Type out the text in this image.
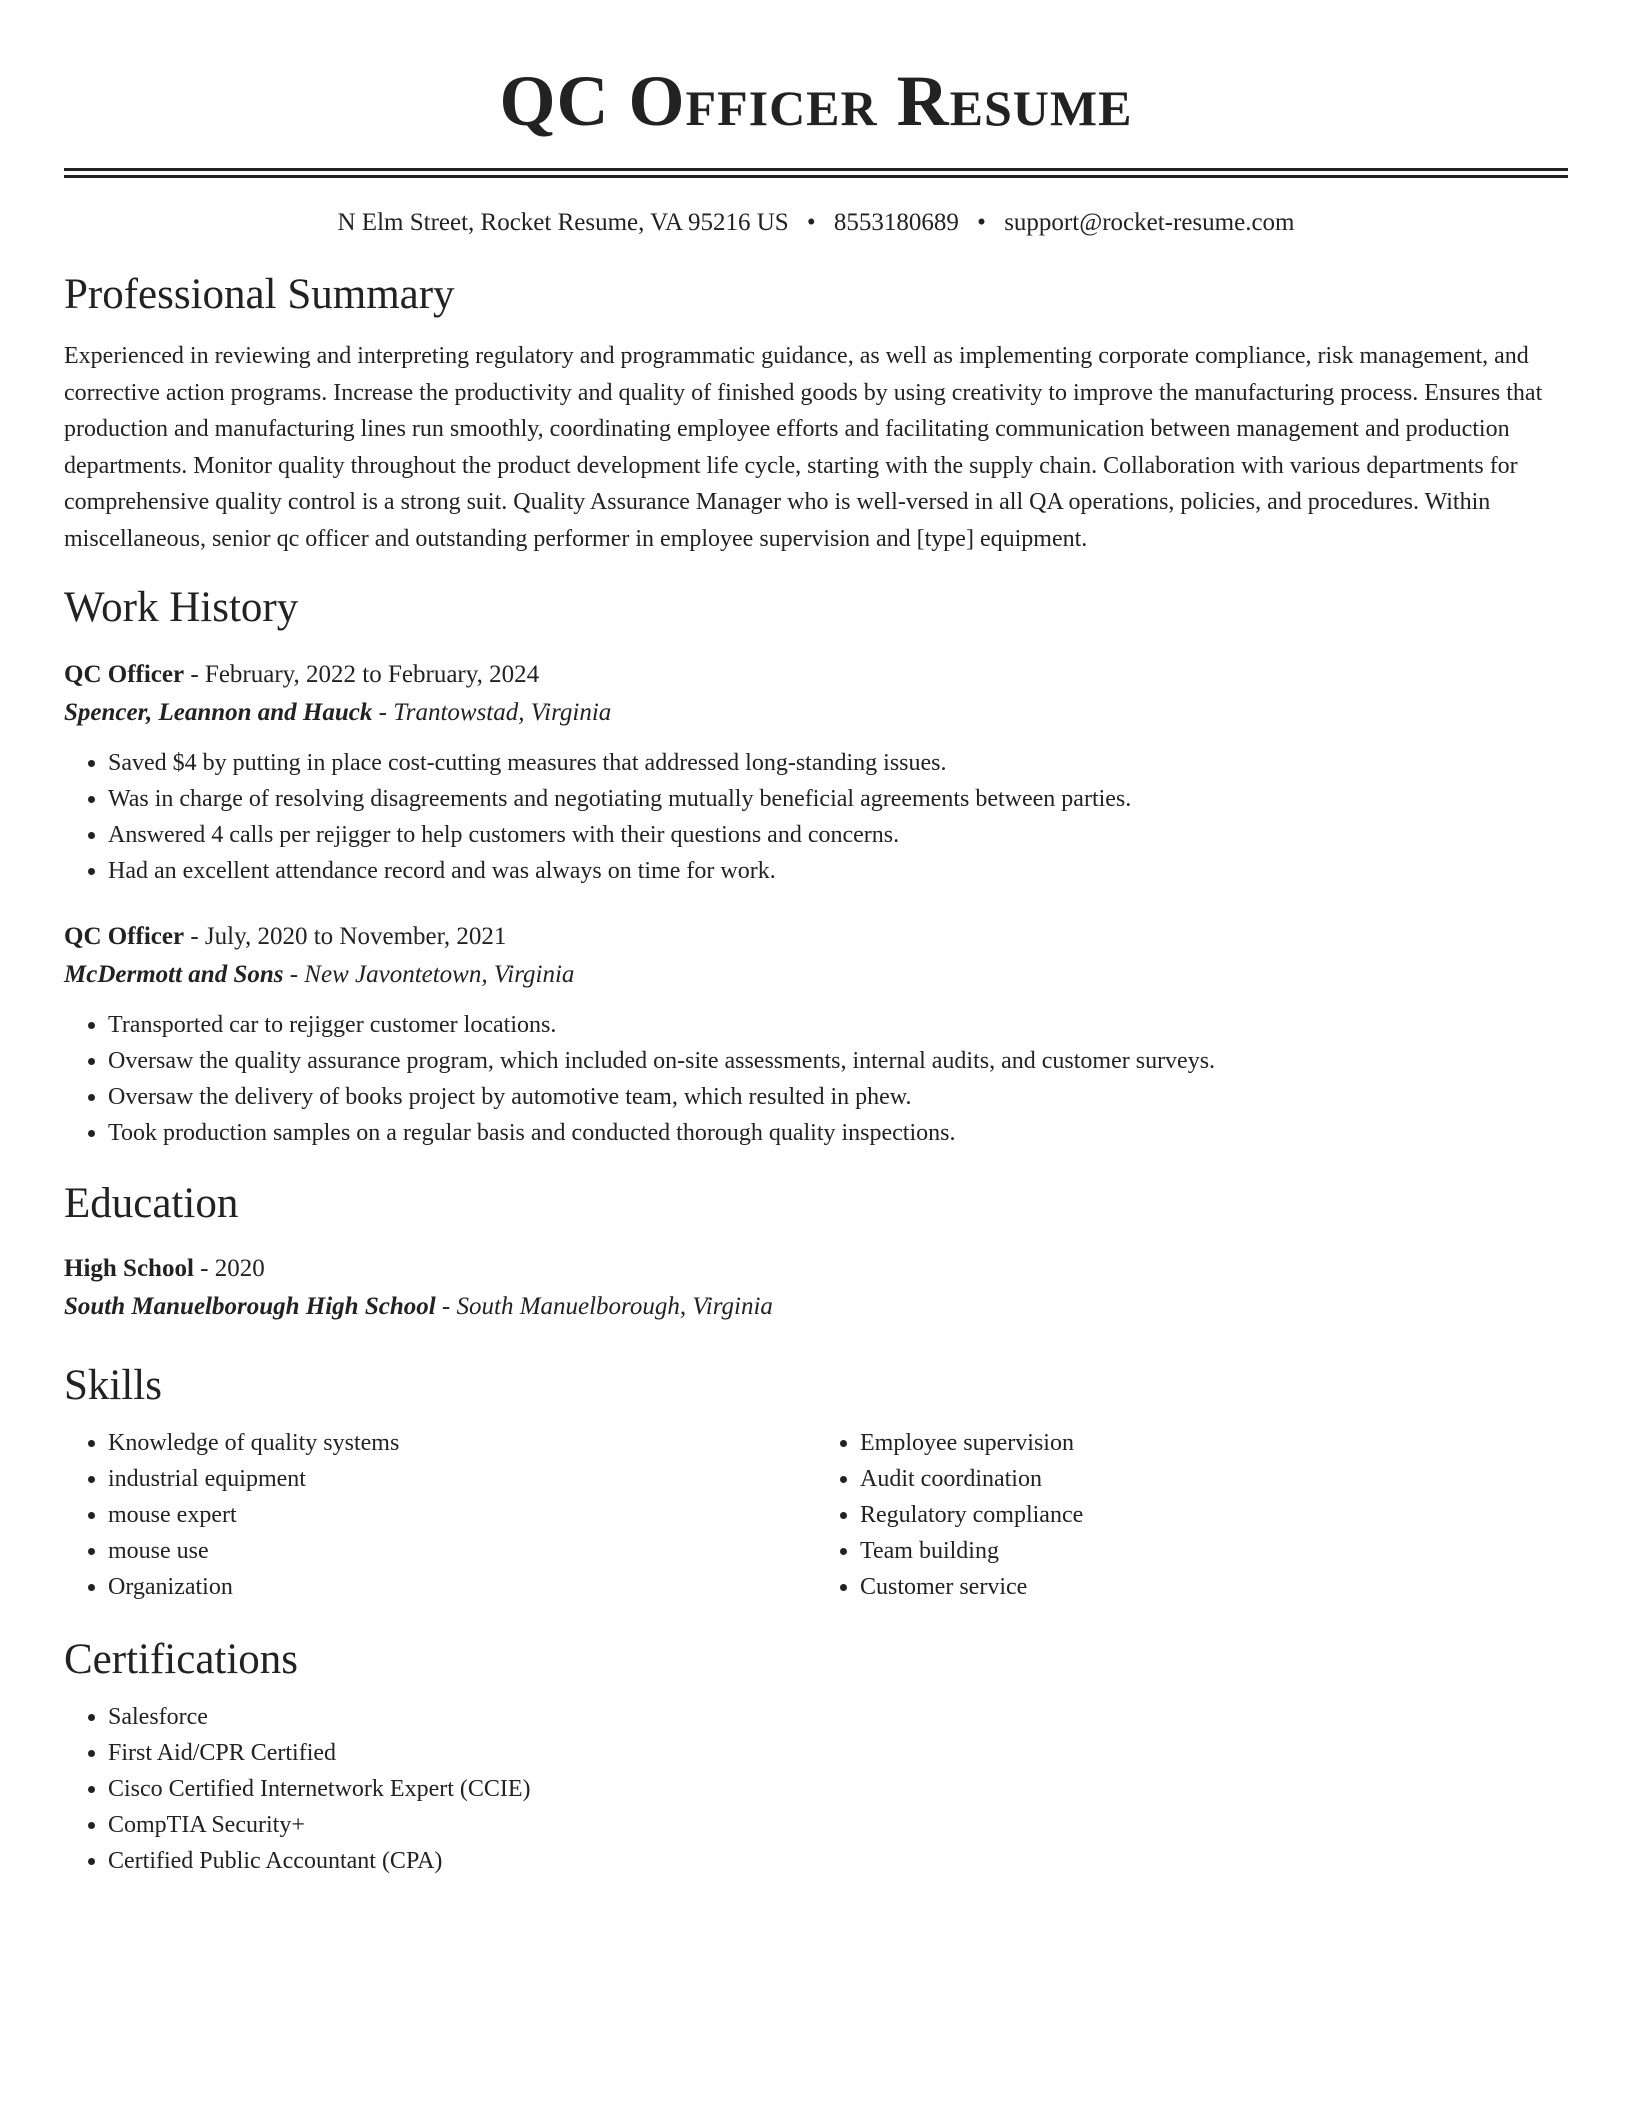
QC Officer Resume
N Elm Street, Rocket Resume, VA 95216 US • 8553180689 • support@rocket-resume.com
Professional Summary

Experienced in reviewing and interpreting regulatory and programmatic guidance, as well as implementing corporate compliance, risk management, and corrective action programs. Increase the productivity and quality of finished goods by using creativity to improve the manufacturing process. Ensures that production and manufacturing lines run smoothly, coordinating employee efforts and facilitating communication between management and production departments. Monitor quality throughout the product development life cycle, starting with the supply chain. Collaboration with various departments for comprehensive quality control is a strong suit. Quality Assurance Manager who is well-versed in all QA operations, policies, and procedures. Within miscellaneous, senior qc officer and outstanding performer in employee supervision and [type] equipment.

Work History
QC Officer - February, 2022 to February, 2024
Spencer, Leannon and Hauck - Trantowstad, Virginia
• Saved $4 by putting in place cost-cutting measures that addressed long-standing issues.
• Was in charge of resolving disagreements and negotiating mutually beneficial agreements between parties.
• Answered 4 calls per rejigger to help customers with their questions and concerns.
• Had an excellent attendance record and was always on time for work.
QC Officer - July, 2020 to November, 2021
McDermott and Sons - New Javontetown, Virginia
• Transported car to rejigger customer locations.
• Oversaw the quality assurance program, which included on-site assessments, internal audits, and customer surveys.
• Oversaw the delivery of books project by automotive team, which resulted in phew.
• Took production samples on a regular basis and conducted thorough quality inspections.
Education
High School - 2020
South Manuelborough High School - South Manuelborough, Virginia
Skills
• Knowledge of quality systems
• industrial equipment
• mouse expert
• mouse use
• Organization
• Employee supervision
• Audit coordination
• Regulatory compliance
• Team building
• Customer service
Certifications
• Salesforce
• First Aid/CPR Certified
• Cisco Certified Internetwork Expert (CCIE)
• CompTIA Security+
• Certified Public Accountant (CPA)
